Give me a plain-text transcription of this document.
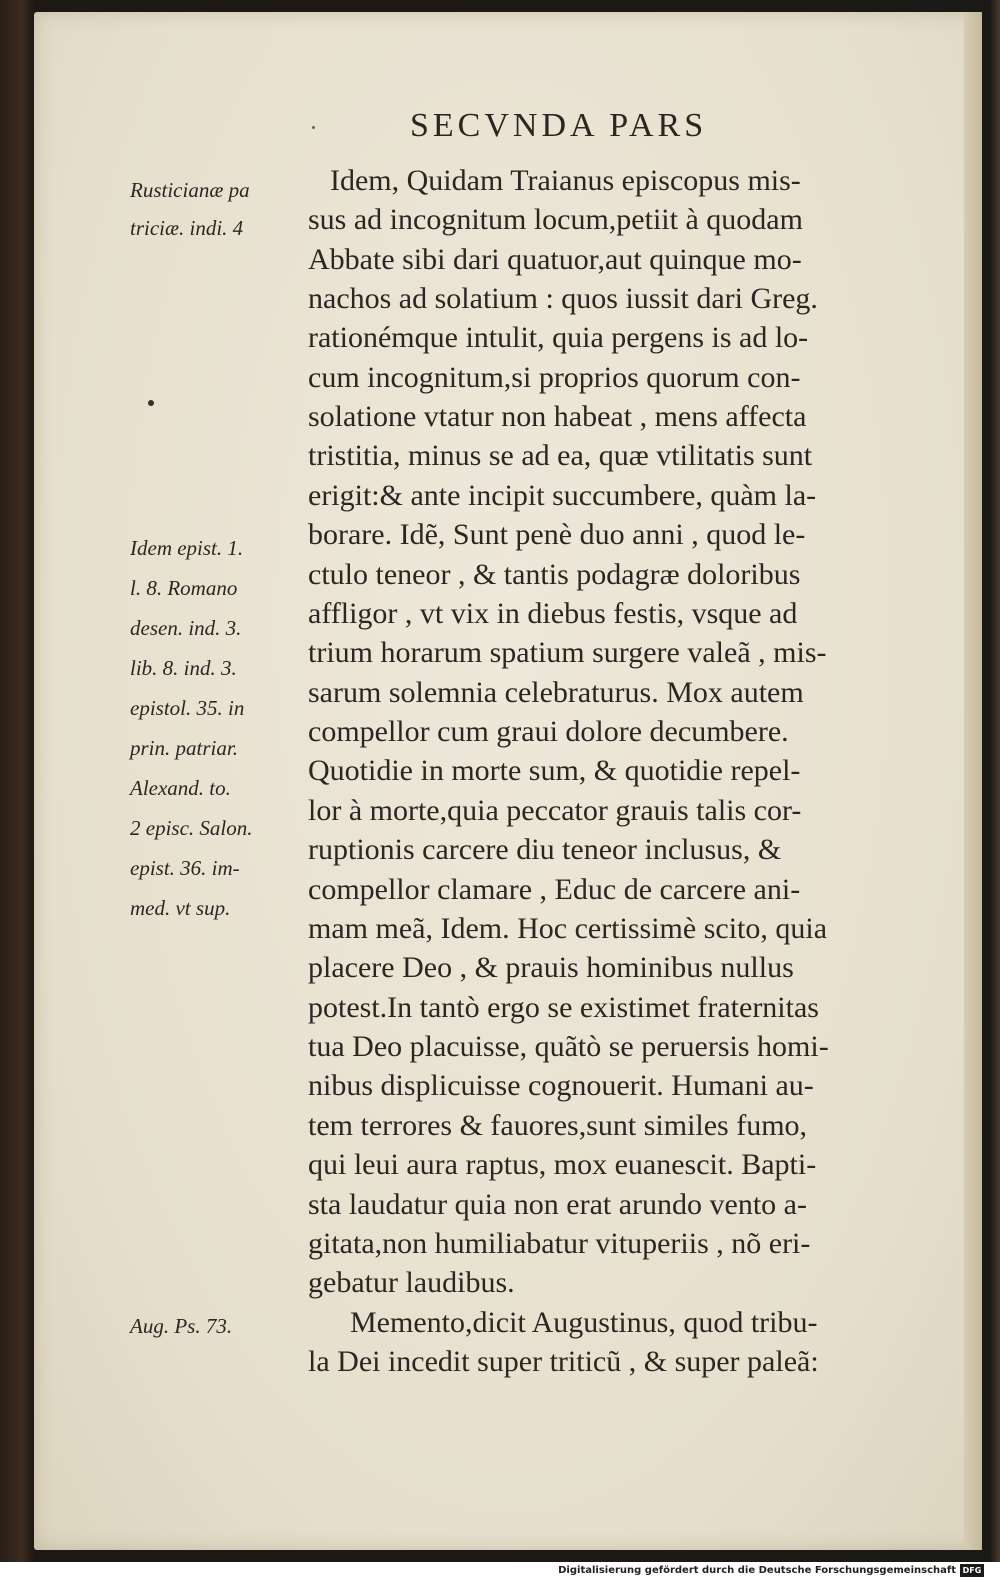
SECVNDA PARS
Rusticianæ pa
triciæ. indi. 4
Idem epist. 1.
l. 8. Romano
desen. ind. 3.
lib. 8. ind. 3.
epistol. 35. in
prin. patriar.
Alexand. to.
2 episc. Salon.
epist. 36. im-
med. vt sup.
Aug. Ps. 73.
Idem, Quidam Traianus episcopus mis-
sus ad incognitum locum,petiit à quodam
Abbate sibi dari quatuor,aut quinque mo-
nachos ad solatium : quos iussit dari Greg.
rationémque intulit, quia pergens is ad lo-
cum incognitum,si proprios quorum con-
solatione vtatur non habeat , mens affecta
tristitia, minus se ad ea, quæ vtilitatis sunt
erigit:& ante incipit succumbere, quàm la-
borare. Idẽ, Sunt penè duo anni , quod le-
ctulo teneor , & tantis podagræ doloribus
affligor , vt vix in diebus festis, vsque ad
trium horarum spatium surgere valeã , mis-
sarum solemnia celebraturus. Mox autem
compellor cum graui dolore decumbere.
Quotidie in morte sum, & quotidie repel-
lor à morte,quia peccator grauis talis cor-
ruptionis carcere diu teneor inclusus, &
compellor clamare , Educ de carcere ani-
mam meã, Idem. Hoc certissimè scito, quia
placere Deo , & prauis hominibus nullus
potest.In tantò ergo se existimet fraternitas
tua Deo placuisse, quãtò se peruersis homi-
nibus displicuisse cognouerit. Humani au-
tem terrores & fauores,sunt similes fumo,
qui leui aura raptus, mox euanescit. Bapti-
sta laudatur quia non erat arundo vento a-
gitata,non humiliabatur vituperiis , nõ eri-
gebatur laudibus.
Memento,dicit Augustinus, quod tribu-
la Dei incedit super triticũ , & super paleã:
Digitalisierung gefördert durch die Deutsche Forschungsgemeinschaft DFG
